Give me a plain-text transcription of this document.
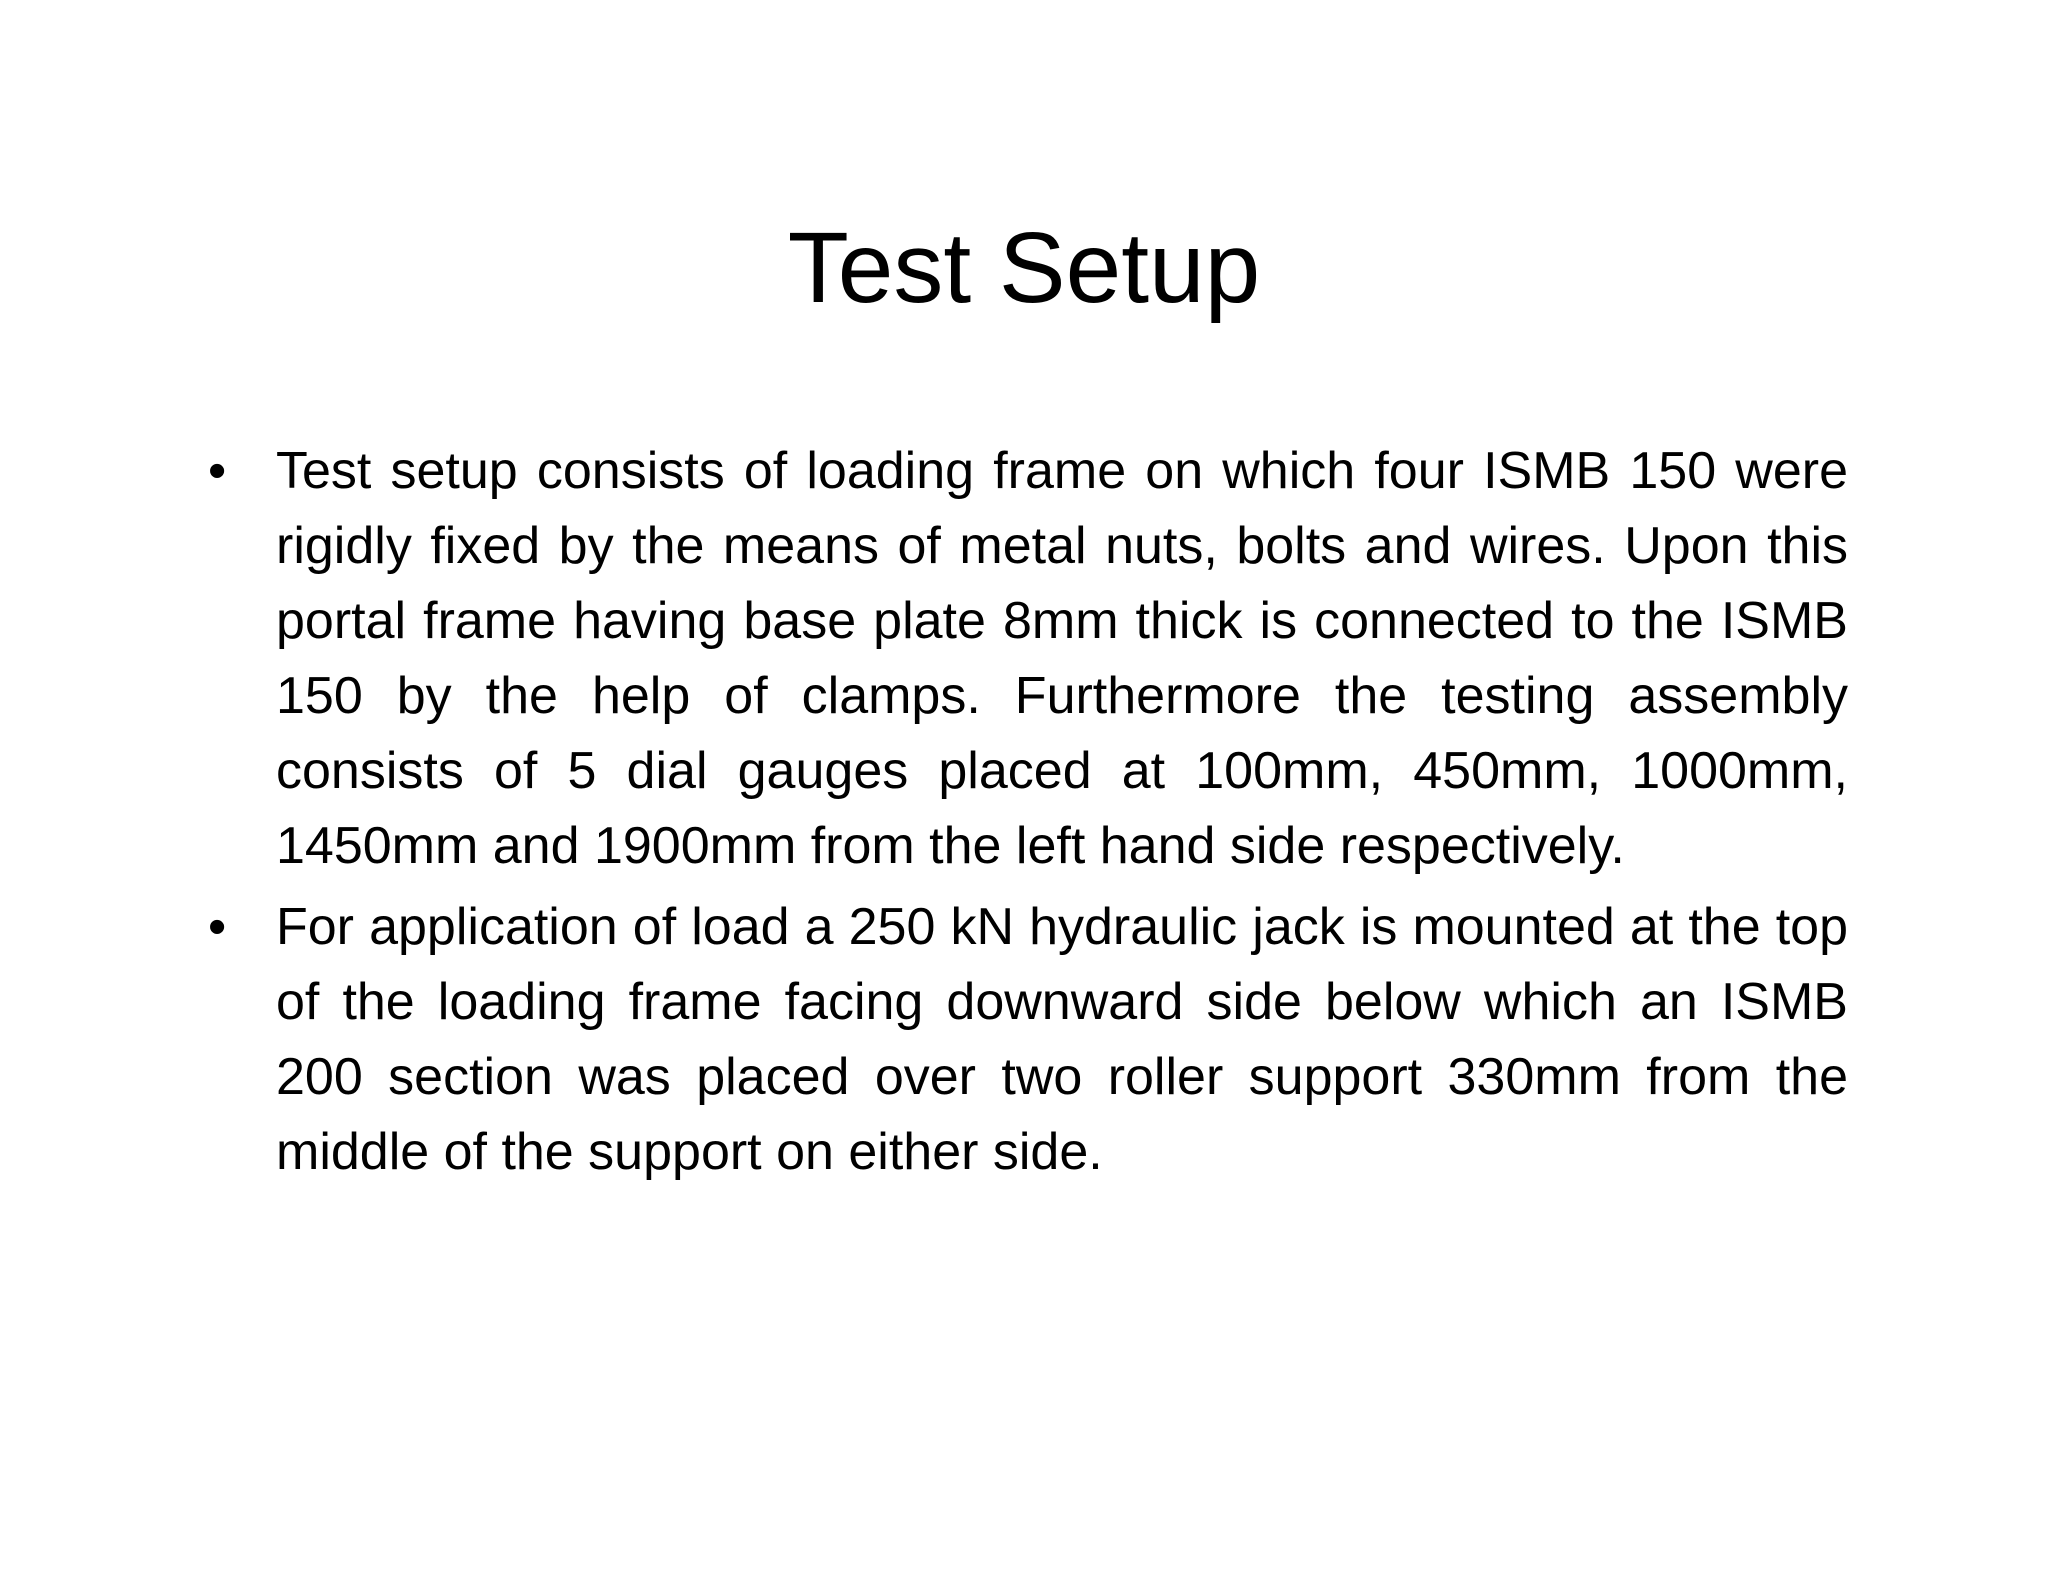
Test Setup
• Test setup consists of loading frame on which four ISMB 150 were rigidly fixed by the means of metal nuts, bolts and wires. Upon this portal frame having base plate 8mm thick is connected to the ISMB 150 by the help of clamps. Furthermore the testing assembly consists of 5 dial gauges placed at 100mm, 450mm, 1000mm, 1450mm and 1900mm from the left hand side respectively.
• For application of load a 250 kN hydraulic jack is mounted at the top of the loading frame facing downward side below which an ISMB 200 section was placed over two roller support 330mm from the middle of the support on either side.
